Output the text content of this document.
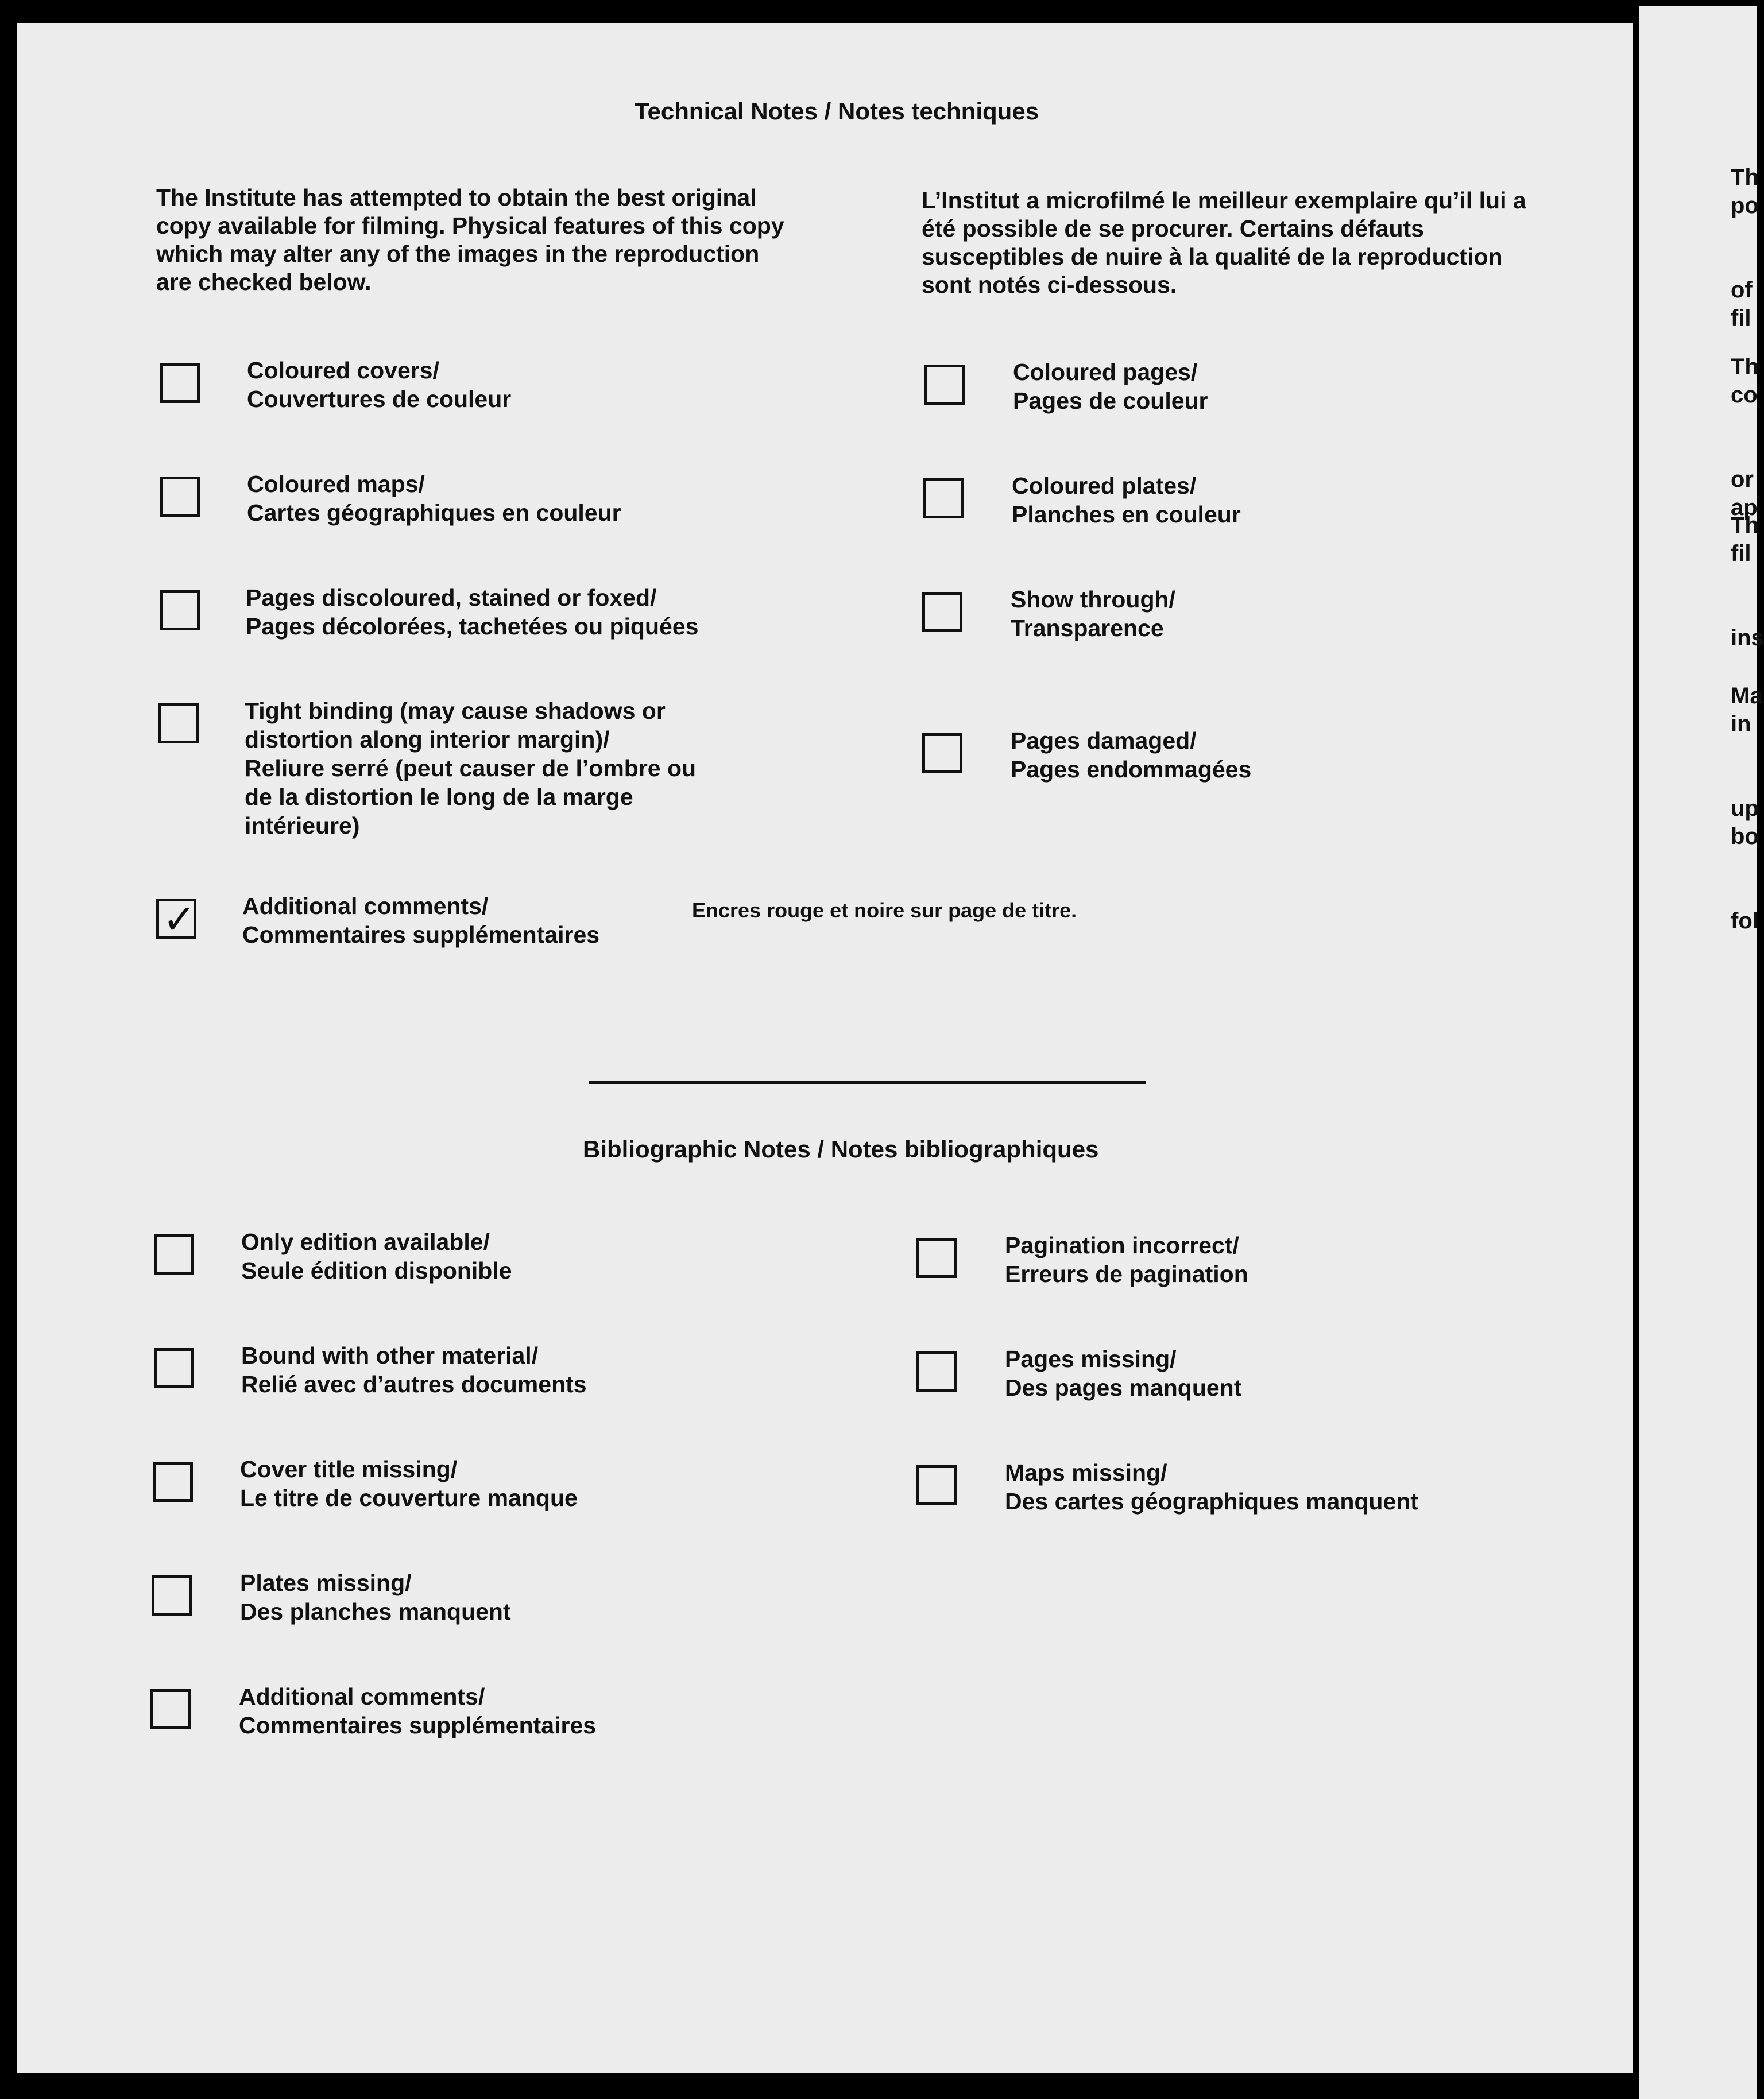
Technical Notes / Notes techniques

The Institute has attempted to obtain the best original copy available for filming. Physical features of this copy which may alter any of the images in the reproduction are checked below.

L’Institut a microfilmé le meilleur exemplaire qu’il lui a été possible de se procurer. Certains défauts susceptibles de nuire à la qualité de la reproduction sont notés ci-dessous.

Coloured covers/
Couvertures de couleur
Coloured maps/
Cartes géographiques en couleur
Pages discoloured, stained or foxed/
Pages décolorées, tachetées ou piquées
Tight binding (may cause shadows or
distortion along interior margin)/
Reliure serré (peut causer de l’ombre ou
de la distortion le long de la marge
intérieure)
✓ Additional comments/
Commentaires supplémentaires
Encres rouge et noire sur page de titre.
Coloured pages/
Pages de couleur
Coloured plates/
Planches en couleur
Show through/
Transparence
Pages damaged/
Pages endommagées
Bibliographic Notes / Notes bibliographiques
Only edition available/
Seule édition disponible
Bound with other material/
Relié avec d’autres documents
Cover title missing/
Le titre de couverture manque
Plates missing/
Des planches manquent
Additional comments/
Commentaires supplémentaires
Pagination incorrect/
Erreurs de pagination
Pages missing/
Des pages manquent
Maps missing/
Des cartes géographiques manquent

Th
po

of
fil

Th
co

or
ap

Th
fil

ins

Ma
in

up
bo

fol
